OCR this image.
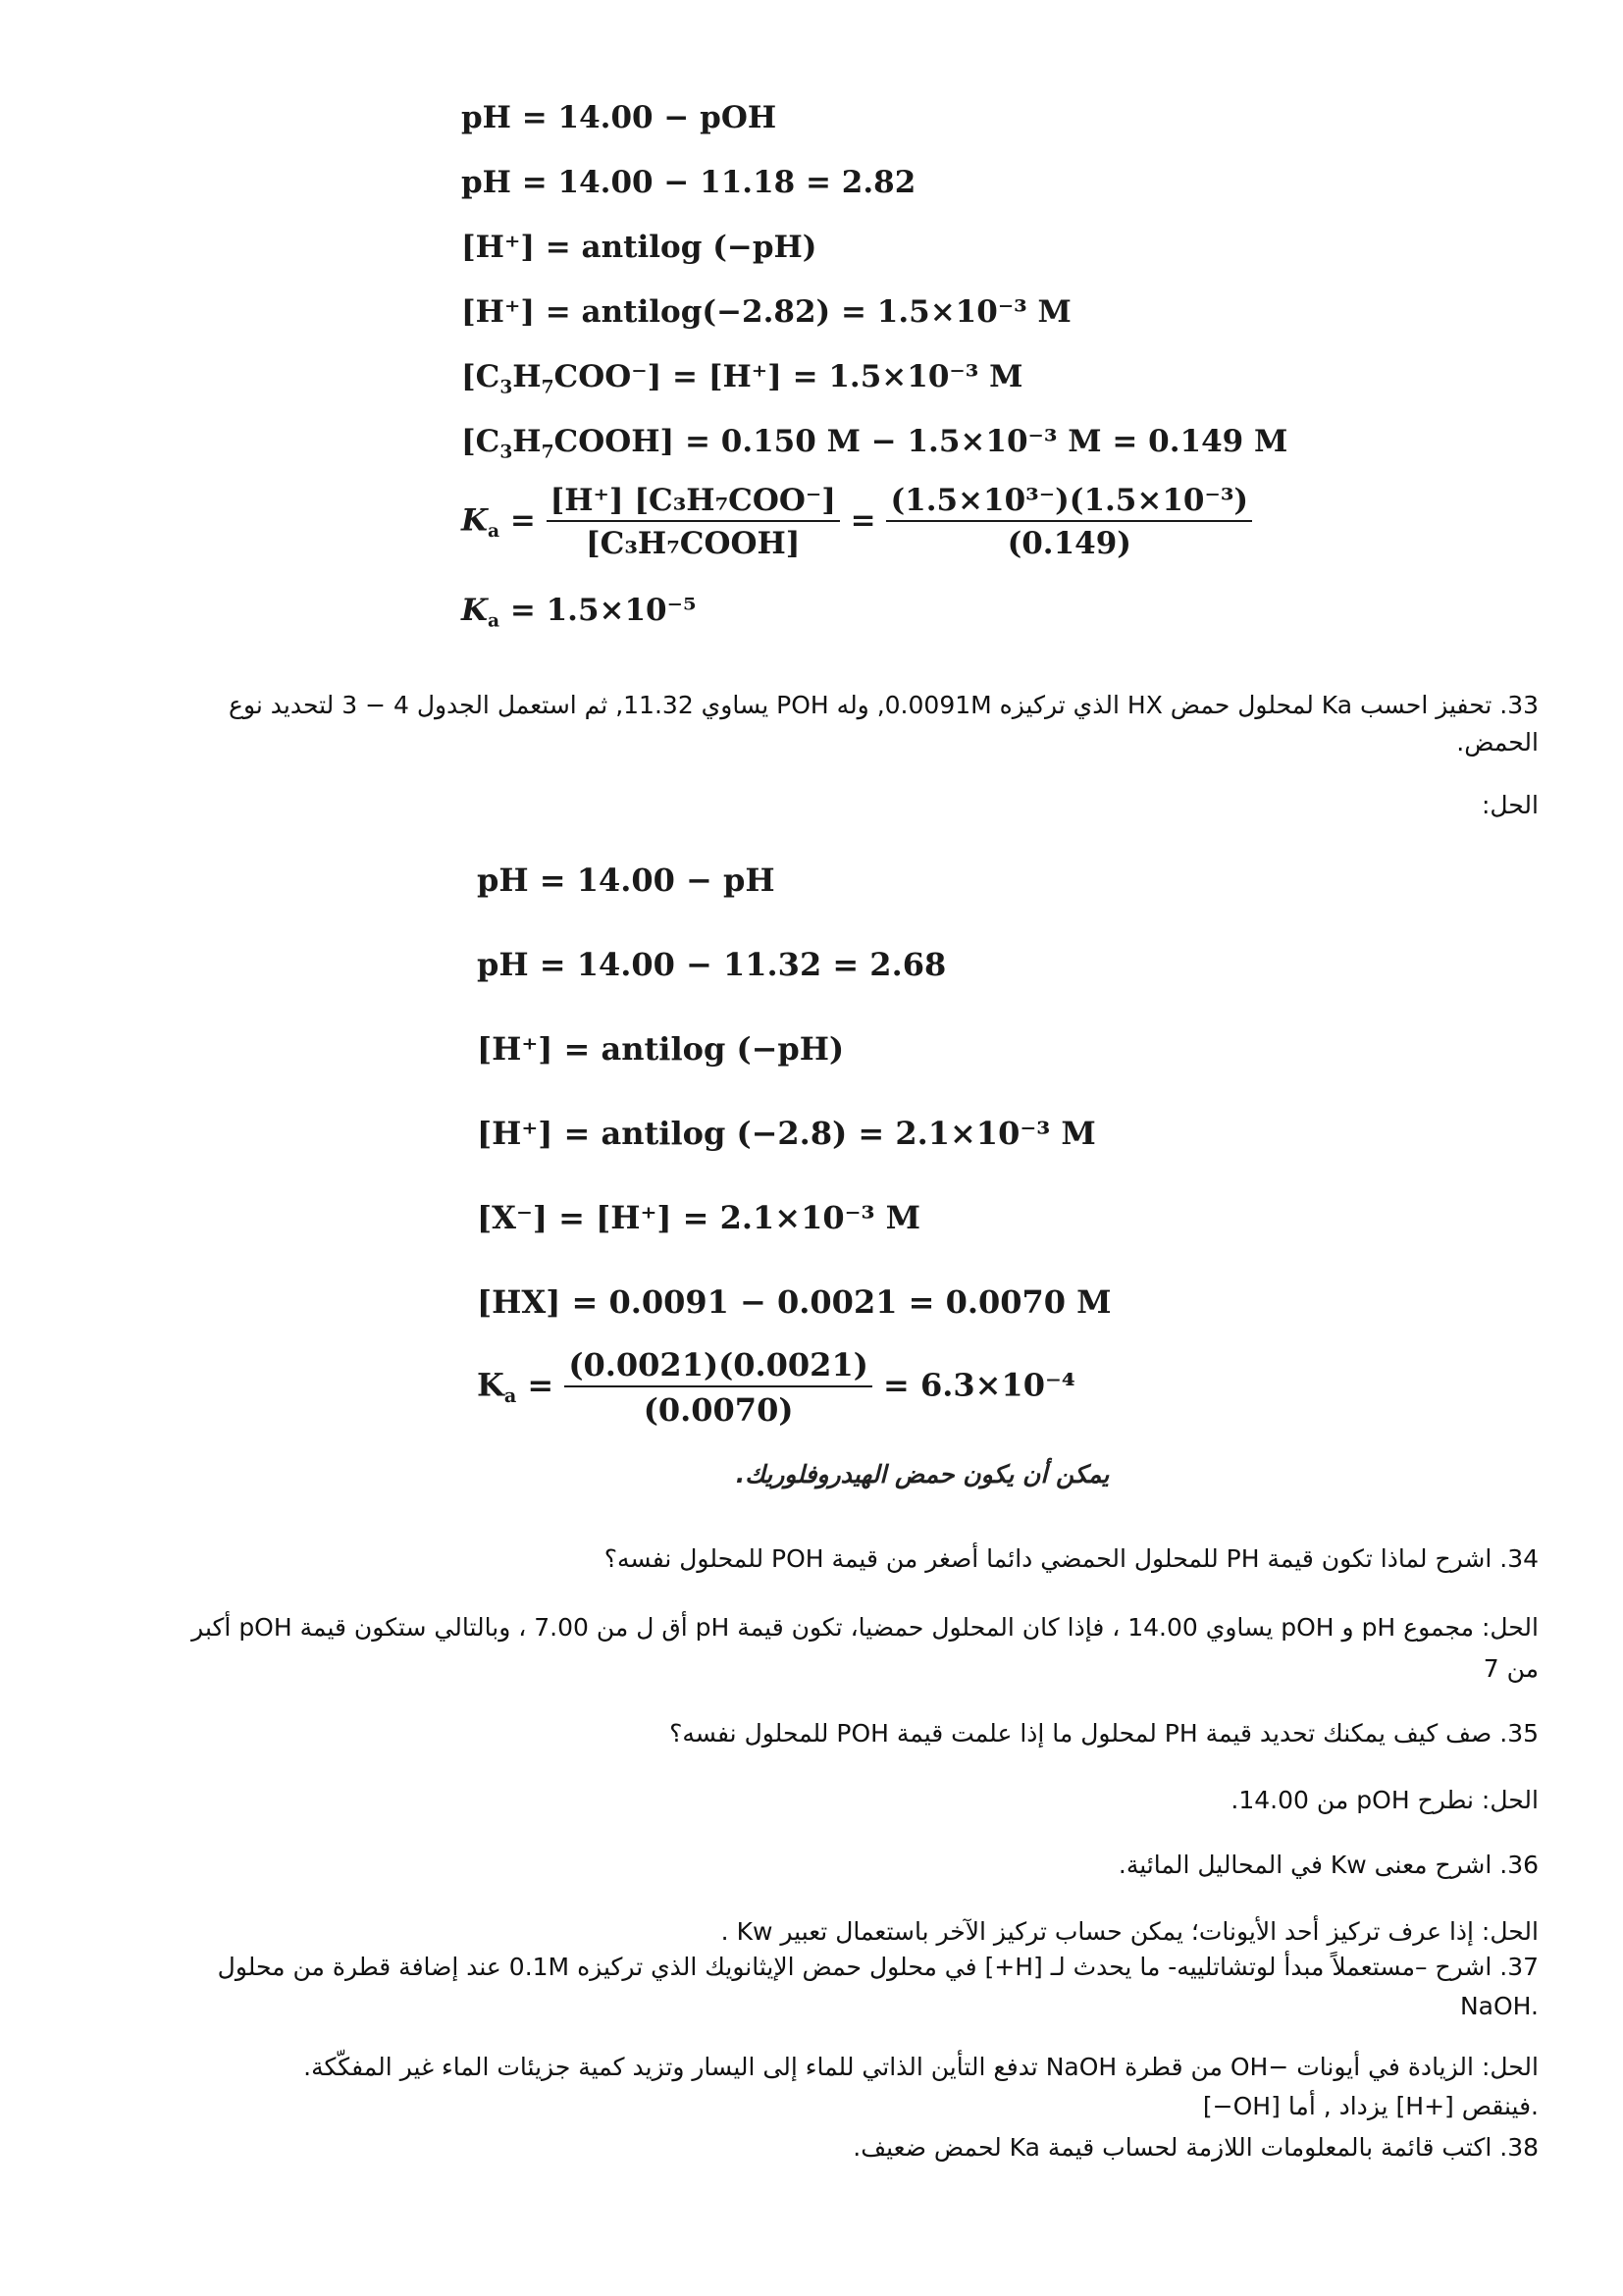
pH = 14.00 − pOH
pH = 14.00 − 11.18 = 2.82
[H⁺] = antilog (−pH)
[H⁺] = antilog(−2.82) = 1.5×10⁻³ M
$[C_3H_7COO^-] = [H^+] = 1.5\times 10^{-3}$ M
$[C_3H_7COOH] = 0.150$ M − 1.5×10⁻³ M = 0.149 M
$K_a = \frac{\text{[H⁺] [C₃H₇COO⁻]}}{\text{[C₃H₇COOH]}} = \frac{\text{(1.5×10³⁻)(1.5×10⁻³)}}{(0.149)}$
$K_a = 1.5\times 10^{-5}$
33. تحفيز احسب Ka لمحلول حمض HX الذي تركيزه 0.0091M, وله POH يساوي 11.32, ثم استعمل الجدول 4 − 3 لتحديد نوع
الحمض.
الحل:
pH = 14.00 − pH
pH = 14.00 − 11.32 = 2.68
[H⁺] = antilog (−pH)
[H⁺] = antilog (−2.8) = 2.1×10⁻³ M
[X⁻] = [H⁺] = 2.1×10⁻³ M
[HX] = 0.0091 − 0.0021 = 0.0070 M
$K_a = \frac{(0.0021)(0.0021)}{(0.0070)} = 6.3\times 10^{-4}$
يمكن أن يكون حمض الهيدروفلوريك.
34. اشرح لماذا تكون قيمة PH للمحلول الحمضي دائما أصغر من قيمة POH للمحلول نفسه؟
الحل: مجموع pH و pOH يساوي 14.00 ، فإذا كان المحلول حمضيا، تكون قيمة pH أق ل من 7.00 ، وبالتالي ستكون قيمة pOH أكبر
من 7
35. صف كيف يمكنك تحديد قيمة PH لمحلول ما إذا علمت قيمة POH للمحلول نفسه؟
الحل: نطرح pOH من 14.00.
36. اشرح معنى Kw في المحاليل المائية.
الحل: إذا عرف تركيز أحد الأيونات؛ يمكن حساب تركيز الآخر باستعمال تعبير Kw .
37. اشرح –مستعملاً مبدأ لوتشاتلييه- ما يحدث لـ [H+] في محلول حمض الإيثانويك الذي تركيزه 0.1M عند إضافة قطرة من محلول
NaOH.
الحل: الزيادة في أيونات −OH من قطرة NaOH تدفع التأين الذاتي للماء إلى اليسار وتزيد كمية جزيئات الماء غير المفكّكة.
[−OH] يزداد , أما [H+] فينقص.
38. اكتب قائمة بالمعلومات اللازمة لحساب قيمة Ka لحمض ضعيف.
